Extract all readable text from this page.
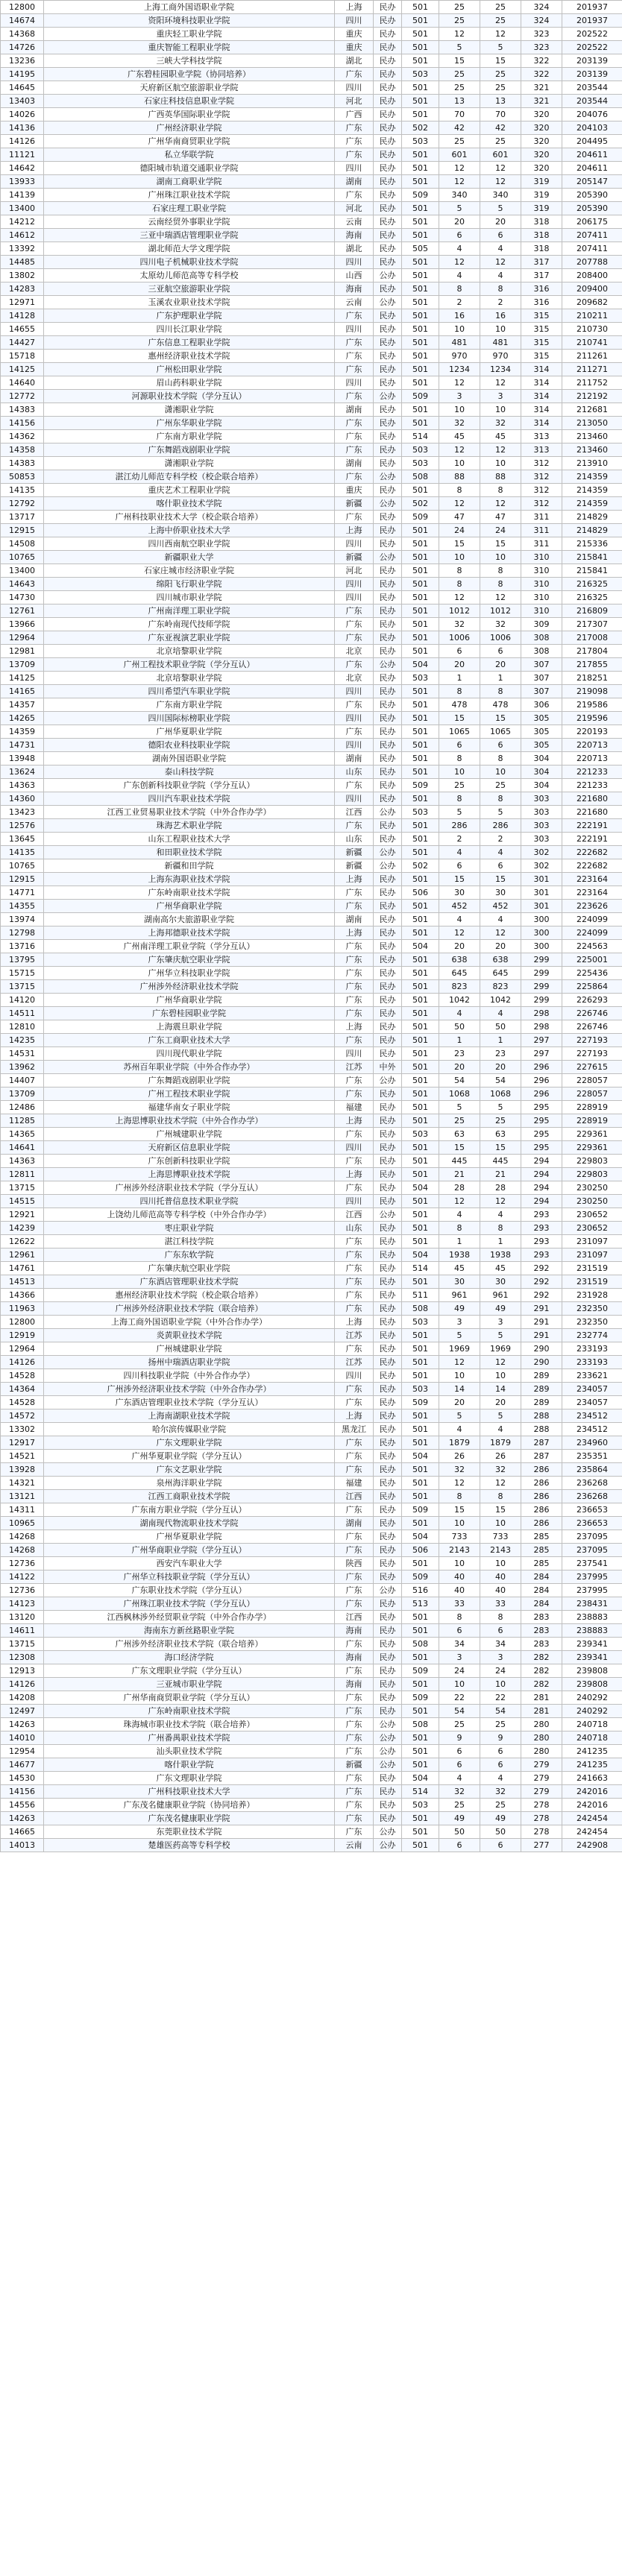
12800	上海工商外国语职业学院	上海	民办	501	25	25	324	201937
14674	资阳环境科技职业学院	四川	民办	501	25	25	324	201937
14368	重庆轻工职业学院	重庆	民办	501	12	12	323	202522
14726	重庆智能工程职业学院	重庆	民办	501	5	5	323	202522
13236	三峡大学科技学院	湖北	民办	501	15	15	322	203139
14195	广东碧桂园职业学院（协同培养）	广东	民办	503	25	25	322	203139
14645	天府新区航空旅游职业学院	四川	民办	501	25	25	321	203544
13403	石家庄科技信息职业学院	河北	民办	501	13	13	321	203544
14026	广西英华国际职业学院	广西	民办	501	70	70	320	204076
14136	广州经济职业学院	广东	民办	502	42	42	320	204103
14126	广州华南商贸职业学院	广东	民办	503	25	25	320	204495
11121	私立华联学院	广东	民办	501	601	601	320	204611
14642	德阳城市轨道交通职业学院	四川	民办	501	12	12	320	204611
13933	湖南工商职业学院	湖南	民办	501	12	12	319	205147
14139	广州珠江职业技术学院	广东	民办	509	340	340	319	205390
13400	石家庄理工职业学院	河北	民办	501	5	5	319	205390
14212	云南经贸外事职业学院	云南	民办	501	20	20	318	206175
14612	三亚中瑞酒店管理职业学院	海南	民办	501	6	6	318	207411
13392	湖北师范大学文理学院	湖北	民办	505	4	4	318	207411
14485	四川电子机械职业技术学院	四川	民办	501	12	12	317	207788
13802	太原幼儿师范高等专科学校	山西	公办	501	4	4	317	208400
14283	三亚航空旅游职业学院	海南	民办	501	8	8	316	209400
12971	玉溪农业职业技术学院	云南	公办	501	2	2	316	209682
14128	广东护理职业学院	广东	民办	501	16	16	315	210211
14655	四川长江职业学院	四川	民办	501	10	10	315	210730
14427	广东信息工程职业学院	广东	民办	501	481	481	315	210741
15718	惠州经济职业技术学院	广东	民办	501	970	970	315	211261
14125	广州松田职业学院	广东	民办	501	1234	1234	314	211271
14640	眉山药科职业学院	四川	民办	501	12	12	314	211752
12772	河源职业技术学院（学分互认）	广东	公办	509	3	3	314	212192
14383	潇湘职业学院	湖南	民办	501	10	10	314	212681
14156	广州东华职业学院	广东	民办	501	32	32	314	213050
14362	广东南方职业学院	广东	民办	514	45	45	313	213460
14358	广东舞蹈戏剧职业学院	广东	民办	503	12	12	313	213460
14383	潇湘职业学院	湖南	民办	503	10	10	312	213910
50853	湛江幼儿师范专科学校（校企联合培养）	广东	公办	508	88	88	312	214359
14135	重庆艺术工程职业学院	重庆	民办	501	8	8	312	214359
12792	喀什职业技术学院	新疆	公办	502	12	12	312	214359
13717	广州科技职业技术大学（校企联合培养）	广东	民办	509	47	47	311	214829
12915	上海中侨职业技术大学	上海	民办	501	24	24	311	214829
14508	四川西南航空职业学院	四川	民办	501	15	15	311	215336
10765	新疆职业大学	新疆	公办	501	10	10	310	215841
13400	石家庄城市经济职业学院	河北	民办	501	8	8	310	215841
14643	绵阳飞行职业学院	四川	民办	501	8	8	310	216325
14730	四川城市职业学院	四川	民办	501	12	12	310	216325
12761	广州南洋理工职业学院	广东	民办	501	1012	1012	310	216809
13966	广东岭南现代技师学院	广东	民办	501	32	32	309	217307
12964	广东亚视演艺职业学院	广东	民办	501	1006	1006	308	217008
12981	北京培黎职业学院	北京	民办	501	6	6	308	217804
13709	广州工程技术职业学院（学分互认）	广东	公办	504	20	20	307	217855
14125	北京培黎职业学院	北京	民办	503	1	1	307	218251
14165	四川希望汽车职业学院	四川	民办	501	8	8	307	219098
14357	广东南方职业学院	广东	民办	501	478	478	306	219586
14265	四川国际标榜职业学院	四川	民办	501	15	15	305	219596
14359	广州华夏职业学院	广东	民办	501	1065	1065	305	220193
14731	德阳农业科技职业学院	四川	民办	501	6	6	305	220713
13948	湖南外国语职业学院	湖南	民办	501	8	8	304	220713
13624	泰山科技学院	山东	民办	501	10	10	304	221233
14363	广东创新科技职业学院（学分互认）	广东	民办	509	25	25	304	221233
14360	四川汽车职业技术学院	四川	民办	501	8	8	303	221680
13423	江西工业贸易职业技术学院（中外合作办学）	江西	公办	503	5	5	303	221680
12576	珠海艺术职业学院	广东	民办	501	286	286	303	222191
13645	山东工程职业技术大学	山东	民办	501	2	2	303	222191
14135	和田职业技术学院	新疆	公办	501	4	4	302	222682
10765	新疆和田学院	新疆	公办	502	6	6	302	222682
12915	上海东海职业技术学院	上海	民办	501	15	15	301	223164
14771	广东岭南职业技术学院	广东	民办	506	30	30	301	223164
14355	广州华商职业学院	广东	民办	501	452	452	301	223626
13974	湖南高尔夫旅游职业学院	湖南	民办	501	4	4	300	224099
12798	上海邦德职业技术学院	上海	民办	501	12	12	300	224099
13716	广州南洋理工职业学院（学分互认）	广东	民办	504	20	20	300	224563
13795	广东肇庆航空职业学院	广东	民办	501	638	638	299	225001
15715	广州华立科技职业学院	广东	民办	501	645	645	299	225436
13715	广州涉外经济职业技术学院	广东	民办	501	823	823	299	225864
14120	广州华商职业学院	广东	民办	501	1042	1042	299	226293
14511	广东碧桂园职业学院	广东	民办	501	4	4	298	226746
12810	上海震旦职业学院	上海	民办	501	50	50	298	226746
14235	广东工商职业技术大学	广东	民办	501	1	1	297	227193
14531	四川现代职业学院	四川	民办	501	23	23	297	227193
13962	苏州百年职业学院（中外合作办学）	江苏	中外	501	20	20	296	227615
14407	广东舞蹈戏剧职业学院	广东	公办	501	54	54	296	228057
13709	广州工程技术职业学院	广东	民办	501	1068	1068	296	228057
12486	福建华南女子职业学院	福建	民办	501	5	5	295	228919
11285	上海思博职业技术学院（中外合作办学）	上海	民办	501	25	25	295	228919
14365	广州城建职业学院	广东	民办	503	63	63	295	229361
14641	天府新区信息职业学院	四川	民办	501	15	15	295	229361
14363	广东创新科技职业学院	广东	民办	501	445	445	294	229803
12811	上海思博职业技术学院	上海	民办	501	21	21	294	229803
13715	广州涉外经济职业技术学院（学分互认）	广东	民办	504	28	28	294	230250
14515	四川托普信息技术职业学院	四川	民办	501	12	12	294	230250
12921	上饶幼儿师范高等专科学校（中外合作办学）	江西	公办	501	4	4	293	230652
14239	枣庄职业学院	山东	民办	501	8	8	293	230652
12622	湛江科技学院	广东	民办	501	1	1	293	231097
12961	广东东软学院	广东	民办	504	1938	1938	293	231097
14761	广东肇庆航空职业学院	广东	民办	514	45	45	292	231519
14513	广东酒店管理职业技术学院	广东	民办	501	30	30	292	231519
14366	惠州经济职业技术学院（校企联合培养）	广东	民办	511	961	961	292	231928
11963	广州涉外经济职业技术学院（联合培养）	广东	民办	508	49	49	291	232350
12800	上海工商外国语职业学院（中外合作办学）	上海	民办	503	3	3	291	232350
12919	炎黄职业技术学院	江苏	民办	501	5	5	291	232774
12964	广州城建职业学院	广东	民办	501	1969	1969	290	233193
14126	扬州中瑞酒店职业学院	江苏	民办	501	12	12	290	233193
14528	四川科技职业学院（中外合作办学）	四川	民办	501	10	10	289	233621
14364	广州涉外经济职业技术学院（中外合作办学）	广东	民办	503	14	14	289	234057
14528	广东酒店管理职业技术学院（学分互认）	广东	民办	509	20	20	289	234057
14572	上海南湖职业技术学院	上海	民办	501	5	5	288	234512
13302	哈尔滨传媒职业学院	黑龙江	民办	501	4	4	288	234512
12917	广东文理职业学院	广东	民办	501	1879	1879	287	234960
14521	广州华夏职业学院（学分互认）	广东	民办	504	26	26	287	235351
13928	广东文艺职业学院	广东	民办	501	32	32	286	235864
14321	泉州海洋职业学院	福建	民办	501	12	12	286	236268
13121	江西工商职业技术学院	江西	民办	501	8	8	286	236268
14311	广东南方职业学院（学分互认）	广东	民办	509	15	15	286	236653
10965	湖南现代物流职业技术学院	湖南	民办	501	10	10	286	236653
14268	广州华夏职业学院	广东	民办	504	733	733	285	237095
14268	广州华商职业学院（学分互认）	广东	民办	506	2143	2143	285	237095
12736	西安汽车职业大学	陕西	民办	501	10	10	285	237541
14122	广州华立科技职业学院（学分互认）	广东	民办	509	40	40	284	237995
12736	广东职业技术学院（学分互认）	广东	公办	516	40	40	284	237995
14123	广州珠江职业技术学院（学分互认）	广东	民办	513	33	33	284	238431
13120	江西枫林涉外经贸职业学院（中外合作办学）	江西	民办	501	8	8	283	238883
14611	海南东方新丝路职业学院	海南	民办	501	6	6	283	238883
13715	广州涉外经济职业技术学院（联合培养）	广东	民办	508	34	34	283	239341
12308	海口经济学院	海南	民办	501	3	3	282	239341
12913	广东文理职业学院（学分互认）	广东	民办	509	24	24	282	239808
14126	三亚城市职业学院	海南	民办	501	10	10	282	239808
14208	广州华南商贸职业学院（学分互认）	广东	民办	509	22	22	281	240292
12497	广东岭南职业技术学院	广东	民办	501	54	54	281	240292
14263	珠海城市职业技术学院（联合培养）	广东	公办	508	25	25	280	240718
14010	广州番禺职业技术学院	广东	公办	501	9	9	280	240718
12954	汕头职业技术学院	广东	公办	501	6	6	280	241235
14677	喀什职业学院	新疆	公办	501	6	6	279	241235
14530	广东文理职业学院	广东	民办	504	4	4	279	241663
14156	广州科技职业技术大学	广东	民办	514	32	32	279	242016
14556	广东茂名健康职业学院（协同培养）	广东	民办	503	25	25	278	242016
14263	广东茂名健康职业学院	广东	民办	501	49	49	278	242454
14665	东莞职业技术学院	广东	公办	501	50	50	278	242454
14013	楚雄医药高等专科学校	云南	公办	501	6	6	277	242908
